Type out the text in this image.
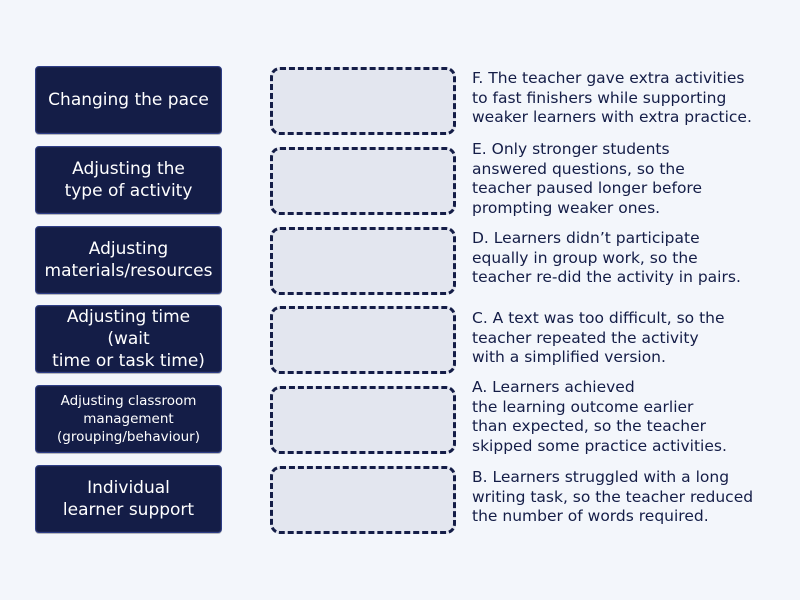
Changing the pace
Adjusting the
type of activity
Adjusting
materials/resources
Adjusting time (wait
time or task time)
Adjusting classroom
management
(grouping/behaviour)
Individual
learner support
F. The teacher gave extra activities
to fast finishers while supporting
weaker learners with extra practice.
E. Only stronger students
answered questions, so the
teacher paused longer before
prompting weaker ones.
D. Learners didn’t participate
equally in group work, so the
teacher re-did the activity in pairs.
C. A text was too difficult, so the
teacher repeated the activity
with a simplified version.
A. Learners achieved
the learning outcome earlier
than expected, so the teacher
skipped some practice activities.
B. Learners struggled with a long
writing task, so the teacher reduced
the number of words required.
